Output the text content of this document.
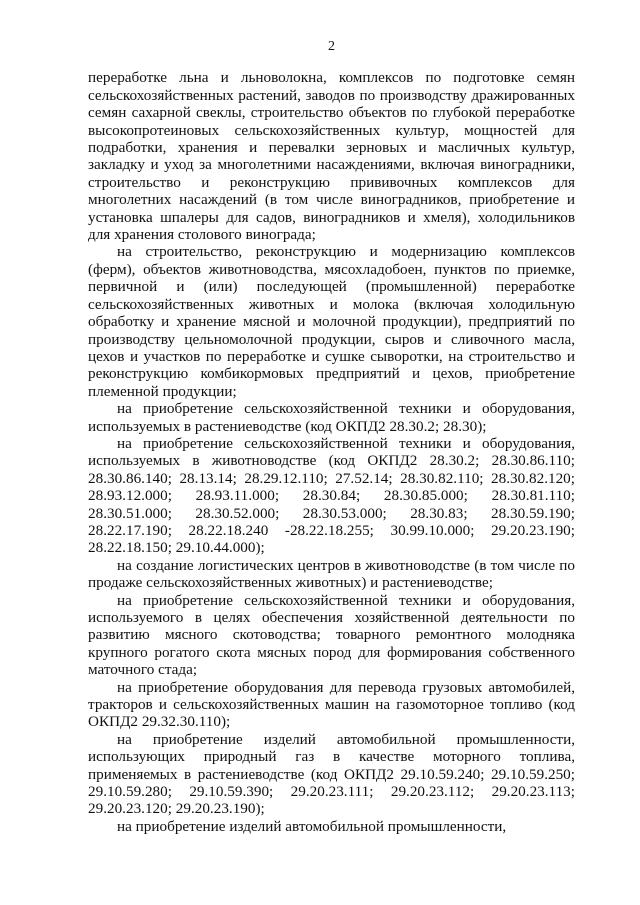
2

переработке льна и льноволокна, комплексов по подготовке семян сельскохозяйственных растений, заводов по производству дражированных семян сахарной свеклы, строительство объектов по глубокой переработке высокопротеиновых сельскохозяйственных культур, мощностей для подработки, хранения и перевалки зерновых и масличных культур, закладку и уход за многолетними насаждениями, включая виноградники, строительство и реконструкцию прививочных комплексов для многолетних насаждений (в том числе виноградников, приобретение и установка шпалеры для садов, виноградников и хмеля), холодильников для хранения столового винограда;

на строительство, реконструкцию и модернизацию комплексов (ферм), объектов животноводства, мясохладобоен, пунктов по приемке, первичной и (или) последующей (промышленной) переработке сельскохозяйственных животных и молока (включая холодильную обработку и хранение мясной и молочной продукции), предприятий по производству цельномолочной продукции, сыров и сливочного масла, цехов и участков по переработке и сушке сыворотки, на строительство и реконструкцию комбикормовых предприятий и цехов, приобретение племенной продукции;

на приобретение сельскохозяйственной техники и оборудования, используемых в растениеводстве (код ОКПД2 28.30.2; 28.30);

на приобретение сельскохозяйственной техники и оборудования, используемых в животноводстве (код ОКПД2 28.30.2; 28.30.86.110; 28.30.86.140; 28.13.14; 28.29.12.110; 27.52.14; 28.30.82.110; 28.30.82.120; 28.93.12.000; 28.93.11.000; 28.30.84; 28.30.85.000; 28.30.81.110; 28.30.51.000; 28.30.52.000; 28.30.53.000; 28.30.83; 28.30.59.190; 28.22.17.190; 28.22.18.240 -28.22.18.255; 30.99.10.000; 29.20.23.190; 28.22.18.150; 29.10.44.000);

на создание логистических центров в животноводстве (в том числе по продаже сельскохозяйственных животных) и растениеводстве;

на приобретение сельскохозяйственной техники и оборудования, используемого в целях обеспечения хозяйственной деятельности по развитию мясного скотоводства; товарного ремонтного молодняка крупного рогатого скота мясных пород для формирования собственного маточного стада;

на приобретение оборудования для перевода грузовых автомобилей, тракторов и сельскохозяйственных машин на газомоторное топливо (код ОКПД2 29.32.30.110);

на приобретение изделий автомобильной промышленности, использующих природный газ в качестве моторного топлива, применяемых в растениеводстве (код ОКПД2 29.10.59.240; 29.10.59.250; 29.10.59.280; 29.10.59.390; 29.20.23.111; 29.20.23.112; 29.20.23.113; 29.20.23.120; 29.20.23.190);

на приобретение изделий автомобильной промышленности,
